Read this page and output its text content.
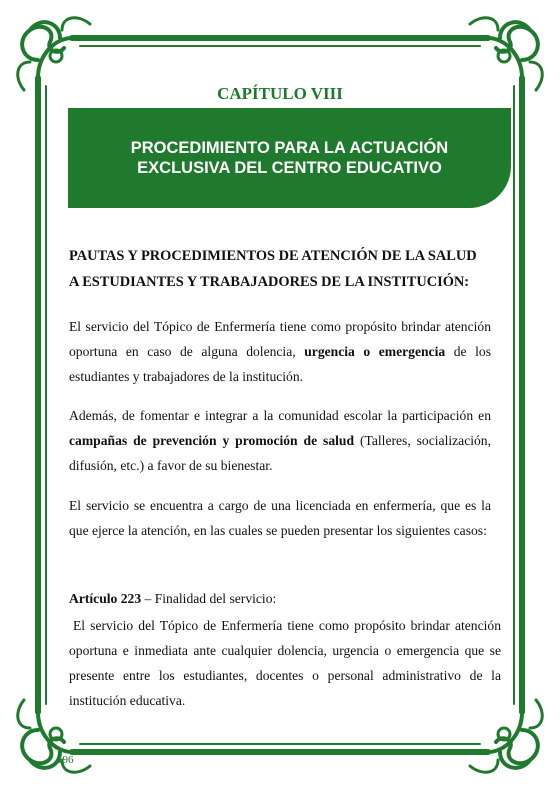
CAPÍTULO VIII
PROCEDIMIENTO PARA LA ACTUACIÓN
EXCLUSIVA DEL CENTRO EDUCATIVO
PAUTAS Y PROCEDIMIENTOS DE ATENCIÓN DE LA SALUD
A ESTUDIANTES Y TRABAJADORES DE LA INSTITUCIÓN:
El servicio del Tópico de Enfermería tiene como propósito brindar atención oportuna en caso de alguna dolencia, urgencia o emergencia de los estudiantes y trabajadores de la institución.
Además, de fomentar e integrar a la comunidad escolar la participación en campañas de prevención y promoción de salud (Talleres, socialización, difusión, etc.) a favor de su bienestar.
El servicio se encuentra a cargo de una licenciada en enfermería, que es la que ejerce la atención, en las cuales se pueden presentar los siguientes casos:
Artículo 223 – Finalidad del servicio:
El servicio del Tópico de Enfermería tiene como propósito brindar atención oportuna e inmediata ante cualquier dolencia, urgencia o emergencia que se presente entre los estudiantes, docentes o personal administrativo de la institución educativa.
196
